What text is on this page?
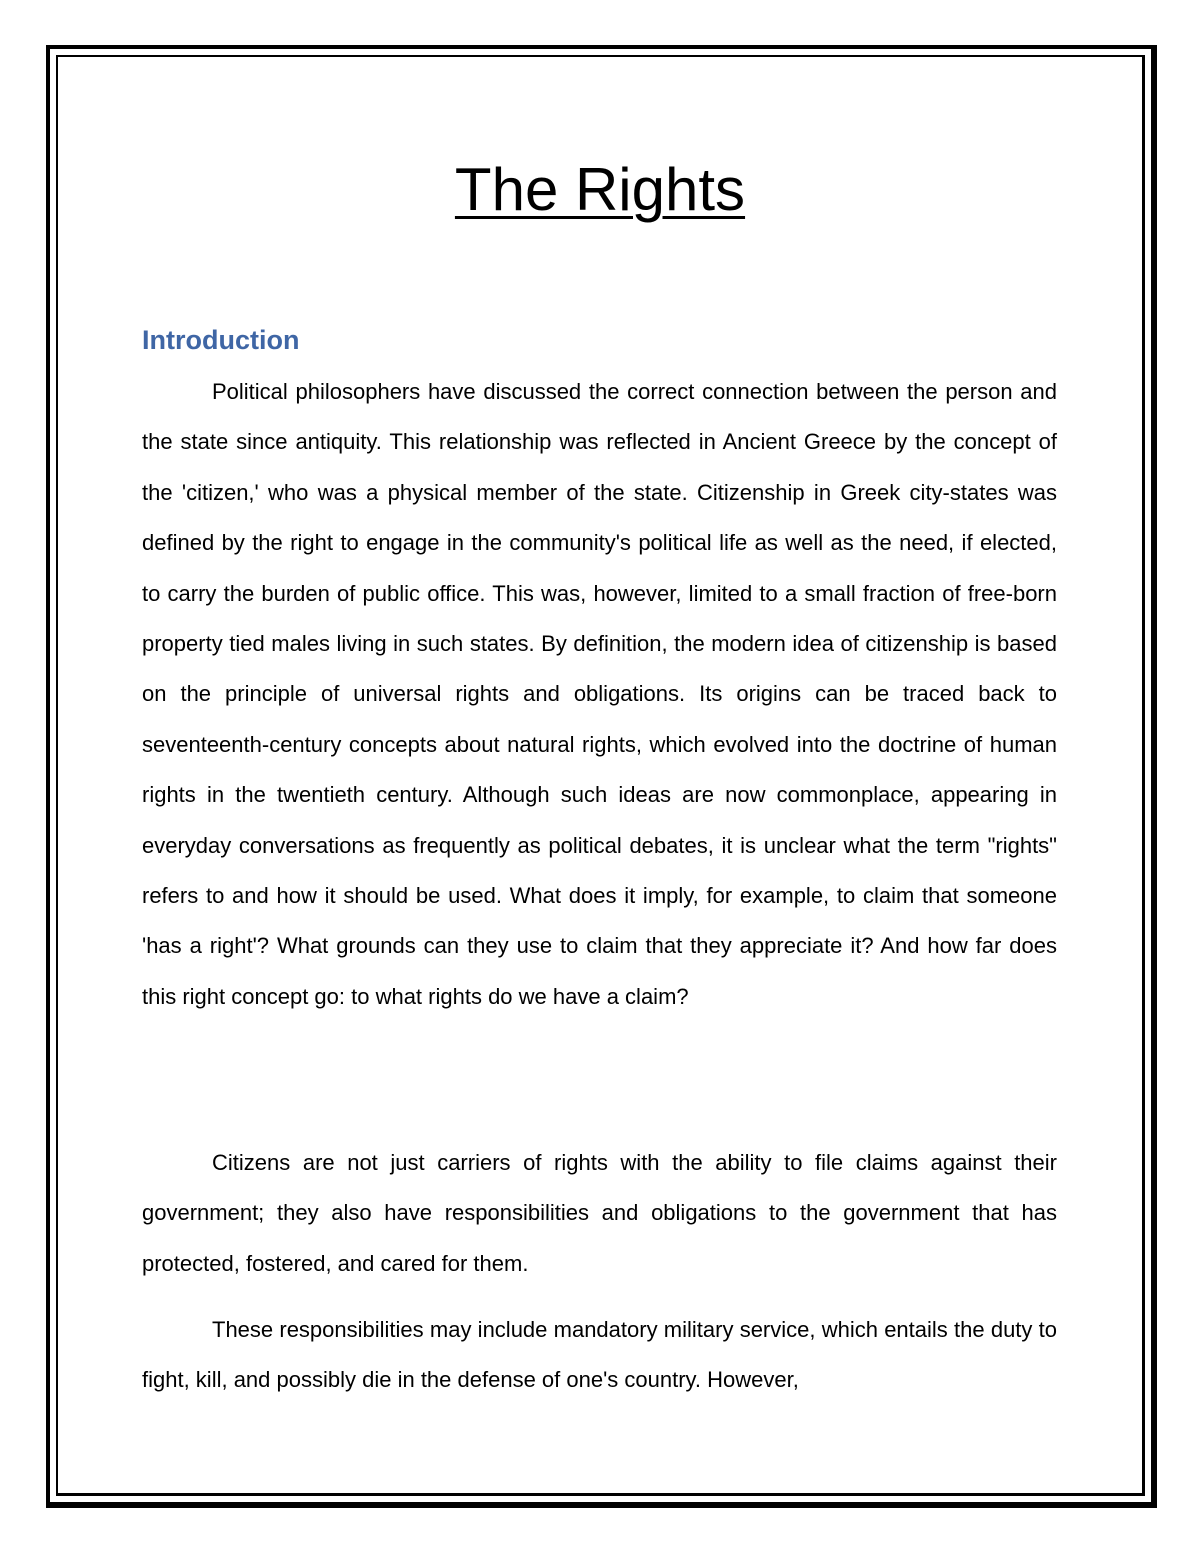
The Rights
Introduction

Political philosophers have discussed the correct connection between the person and the state since antiquity. This relationship was reflected in Ancient Greece by the concept of the 'citizen,' who was a physical member of the state. Citizenship in Greek city-states was defined by the right to engage in the community's political life as well as the need, if elected, to carry the burden of public office. This was, however, limited to a small fraction of free-born property tied males living in such states. By definition, the modern idea of citizenship is based on the principle of universal rights and obligations. Its origins can be traced back to seventeenth-century concepts about natural rights, which evolved into the doctrine of human rights in the twentieth century. Although such ideas are now commonplace, appearing in everyday conversations as frequently as political debates, it is unclear what the term "rights" refers to and how it should be used. What does it imply, for example, to claim that someone 'has a right'? What grounds can they use to claim that they appreciate it? And how far does this right concept go: to what rights do we have a claim?

Citizens are not just carriers of rights with the ability to file claims against their government; they also have responsibilities and obligations to the government that has protected, fostered, and cared for them.

These responsibilities may include mandatory military service, which entails the duty to fight, kill, and possibly die in the defense of one's country. However,
